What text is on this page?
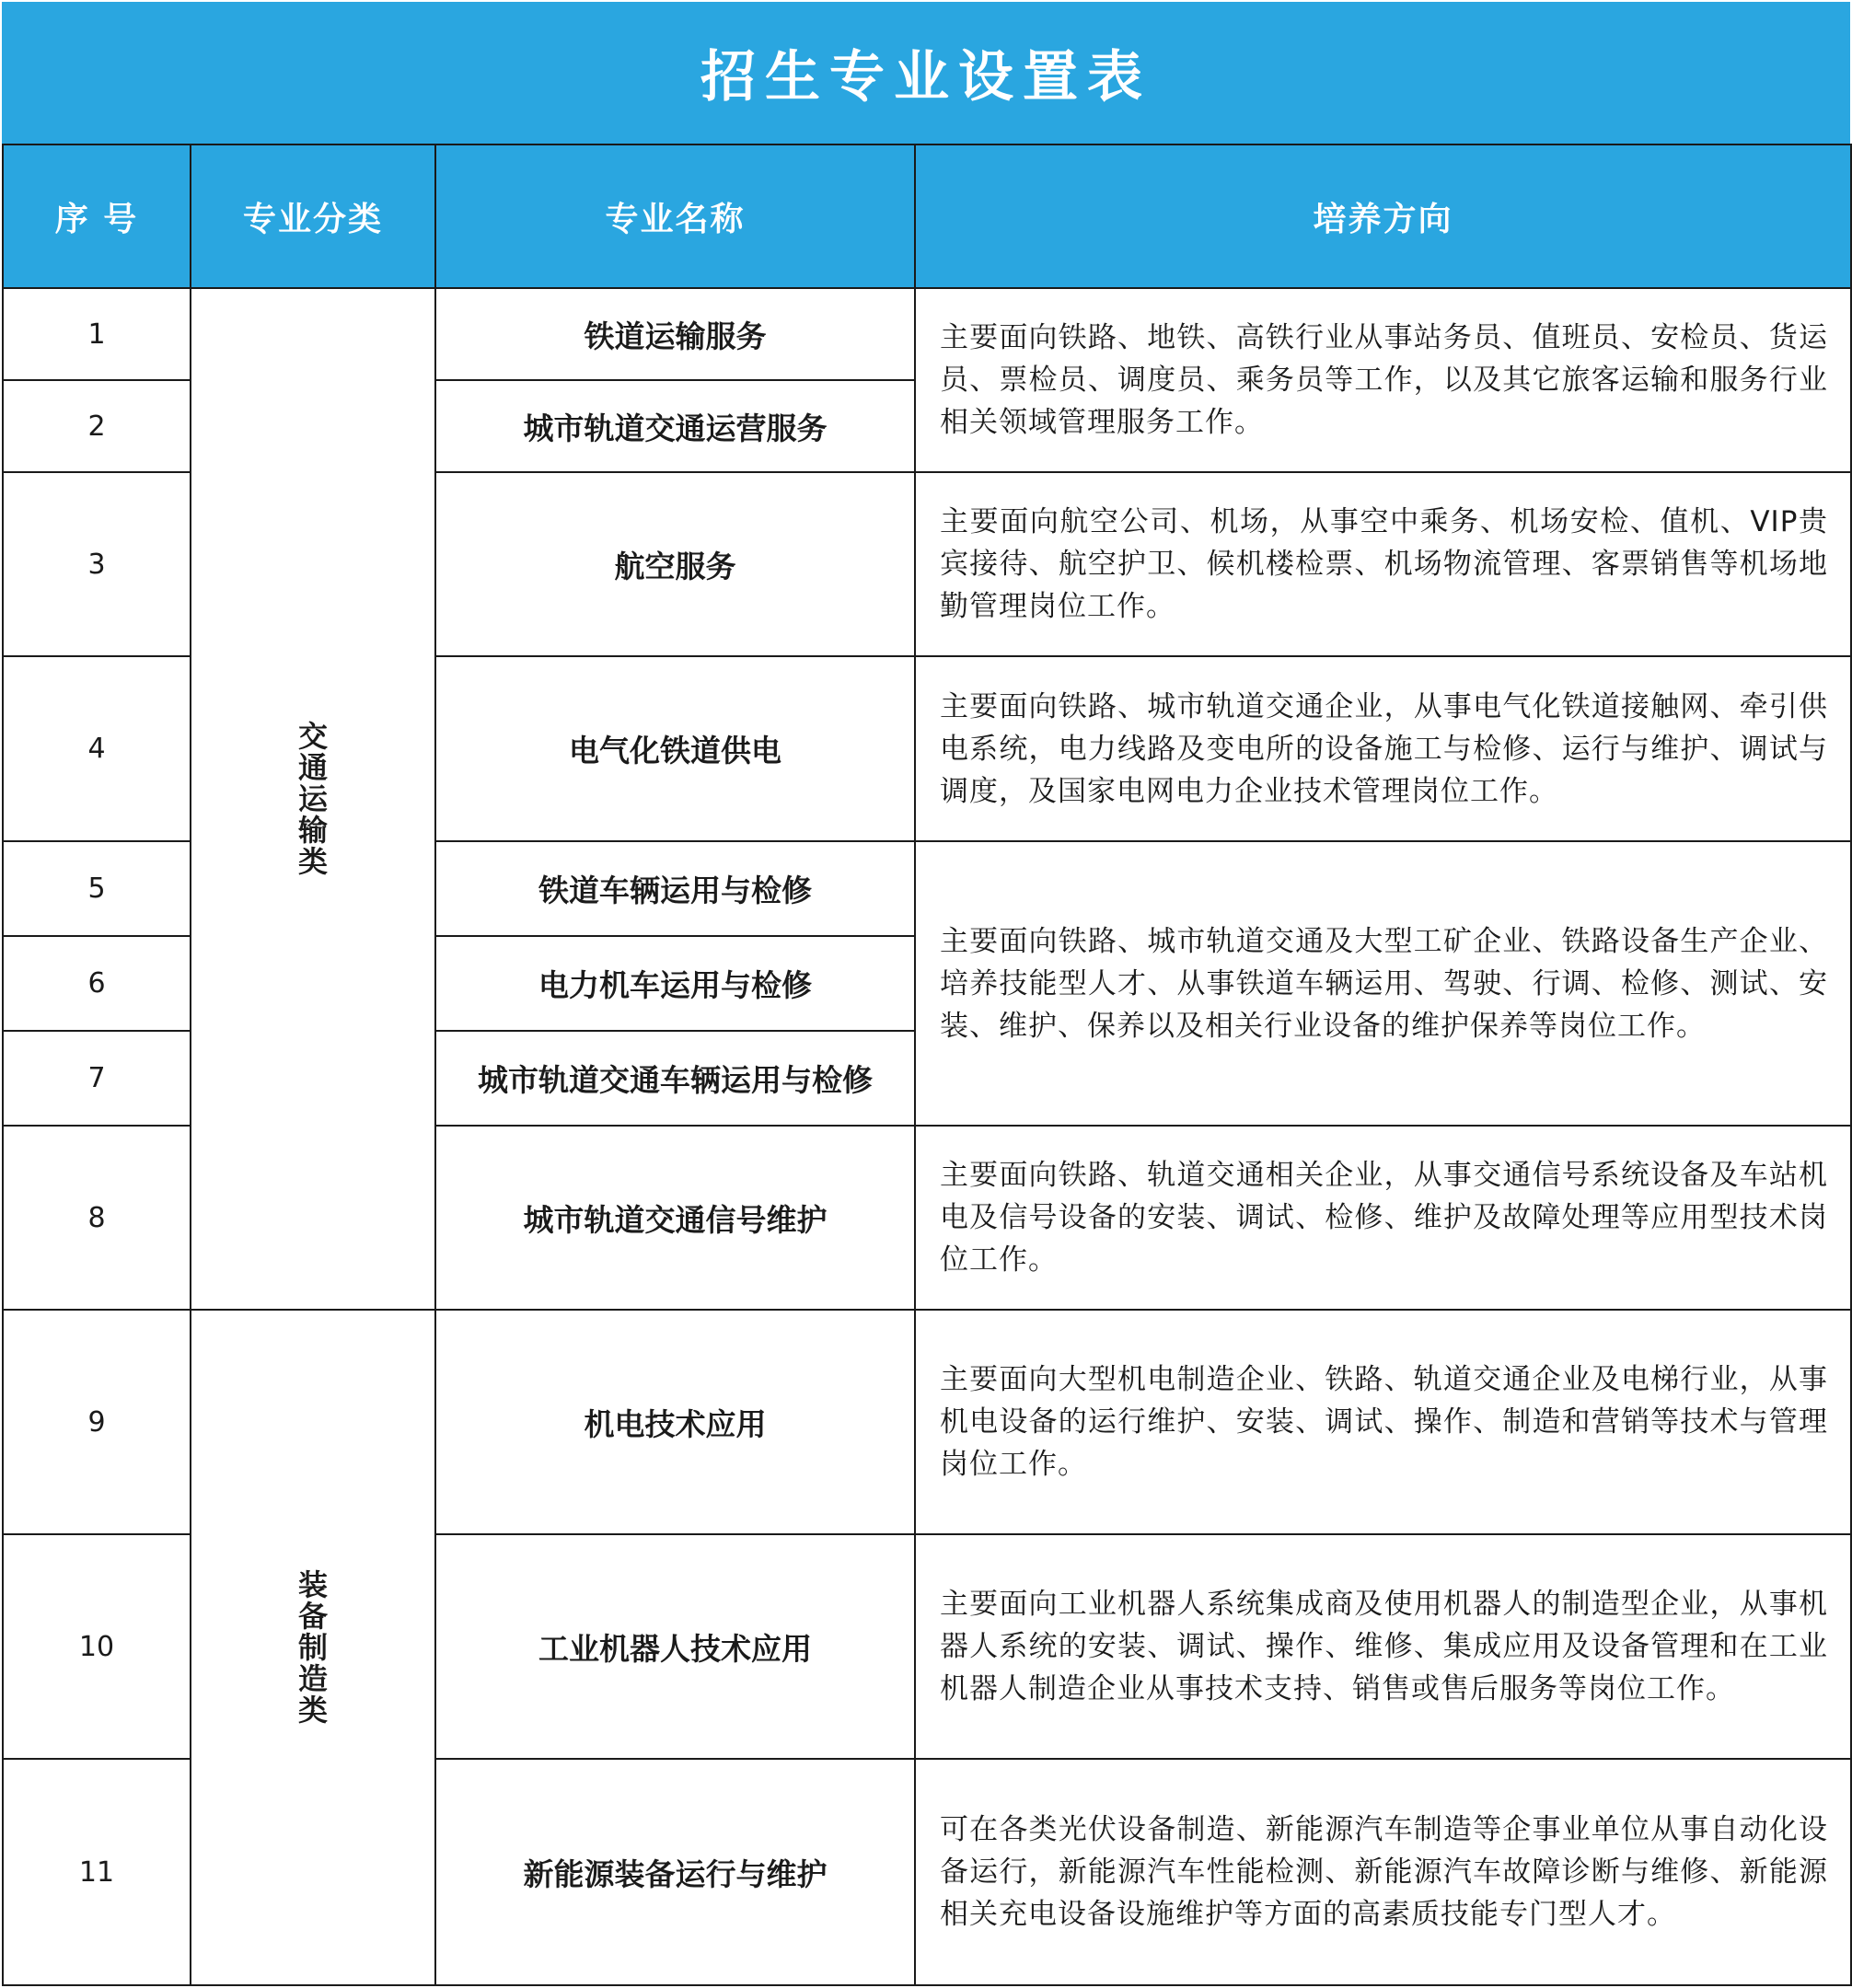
招生专业设置表
序 号	专业分类	专业名称	培养方向
1	交通运输类	铁道运输服务	主要面向铁路、地铁、高铁行业从事站务员、值班员、安检员、货运员、票检员、调度员、乘务员等工作，以及其它旅客运输和服务行业相关领域管理服务工作。
2		城市轨道交通运营服务	
3		航空服务	主要面向航空公司、机场，从事空中乘务、机场安检、值机、VIP贵宾接待、航空护卫、候机楼检票、机场物流管理、客票销售等机场地勤管理岗位工作。
4		电气化铁道供电	主要面向铁路、城市轨道交通企业，从事电气化铁道接触网、牵引供电系统，电力线路及变电所的设备施工与检修、运行与维护、调试与调度，及国家电网电力企业技术管理岗位工作。
5		铁道车辆运用与检修	主要面向铁路、城市轨道交通及大型工矿企业、铁路设备生产企业、培养技能型人才、从事铁道车辆运用、驾驶、行调、检修、测试、安装、维护、保养以及相关行业设备的维护保养等岗位工作。
6		电力机车运用与检修	
7		城市轨道交通车辆运用与检修	
8		城市轨道交通信号维护	主要面向铁路、轨道交通相关企业，从事交通信号系统设备及车站机电及信号设备的安装、调试、检修、维护及故障处理等应用型技术岗位工作。
9	装备制造类	机电技术应用	主要面向大型机电制造企业、铁路、轨道交通企业及电梯行业，从事机电设备的运行维护、安装、调试、操作、制造和营销等技术与管理岗位工作。
10		工业机器人技术应用	主要面向工业机器人系统集成商及使用机器人的制造型企业，从事机器人系统的安装、调试、操作、维修、集成应用及设备管理和在工业机器人制造企业从事技术支持、销售或售后服务等岗位工作。
11		新能源装备运行与维护	可在各类光伏设备制造、新能源汽车制造等企事业单位从事自动化设备运行，新能源汽车性能检测、新能源汽车故障诊断与维修、新能源相关充电设备设施维护等方面的高素质技能专门型人才。
